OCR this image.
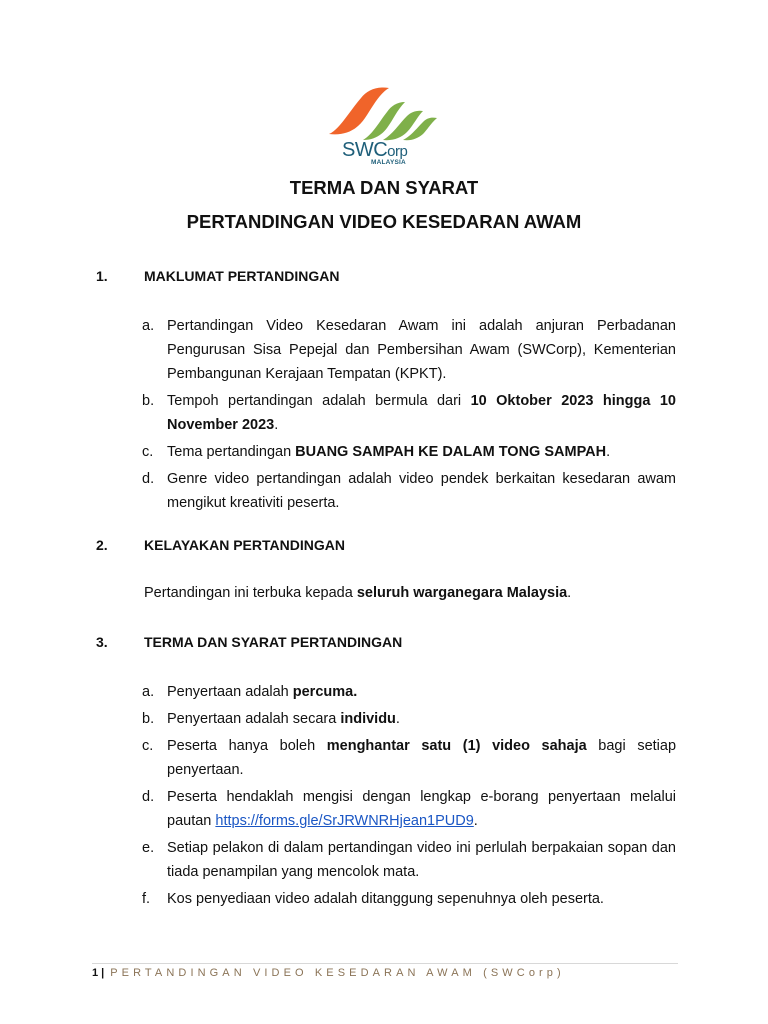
SWCorp
MALAYSIA
TERMA DAN SYARAT
PERTANDINGAN VIDEO KESEDARAN AWAM
1.	MAKLUMAT PERTANDINGAN
a. Pertandingan Video Kesedaran Awam ini adalah anjuran Perbadanan Pengurusan Sisa Pepejal dan Pembersihan Awam (SWCorp), Kementerian Pembangunan Kerajaan Tempatan (KPKT).
b. Tempoh pertandingan adalah bermula dari 10 Oktober 2023 hingga 10 November 2023.
c. Tema pertandingan BUANG SAMPAH KE DALAM TONG SAMPAH.
d. Genre video pertandingan adalah video pendek berkaitan kesedaran awam mengikut kreativiti peserta.
2.	KELAYAKAN PERTANDINGAN
Pertandingan ini terbuka kepada seluruh warganegara Malaysia.
3.	TERMA DAN SYARAT PERTANDINGAN
a. Penyertaan adalah percuma.
b. Penyertaan adalah secara individu.
c. Peserta hanya boleh menghantar satu (1) video sahaja bagi setiap penyertaan.
d. Peserta hendaklah mengisi dengan lengkap e-borang penyertaan melalui pautan https://forms.gle/SrJRWNRHjean1PUD9.
e. Setiap pelakon di dalam pertandingan video ini perlulah berpakaian sopan dan tiada penampilan yang mencolok mata.
f. Kos penyediaan video adalah ditanggung sepenuhnya oleh peserta.
1 | PERTANDINGAN VIDEO KESEDARAN AWAM (SWCorp)
